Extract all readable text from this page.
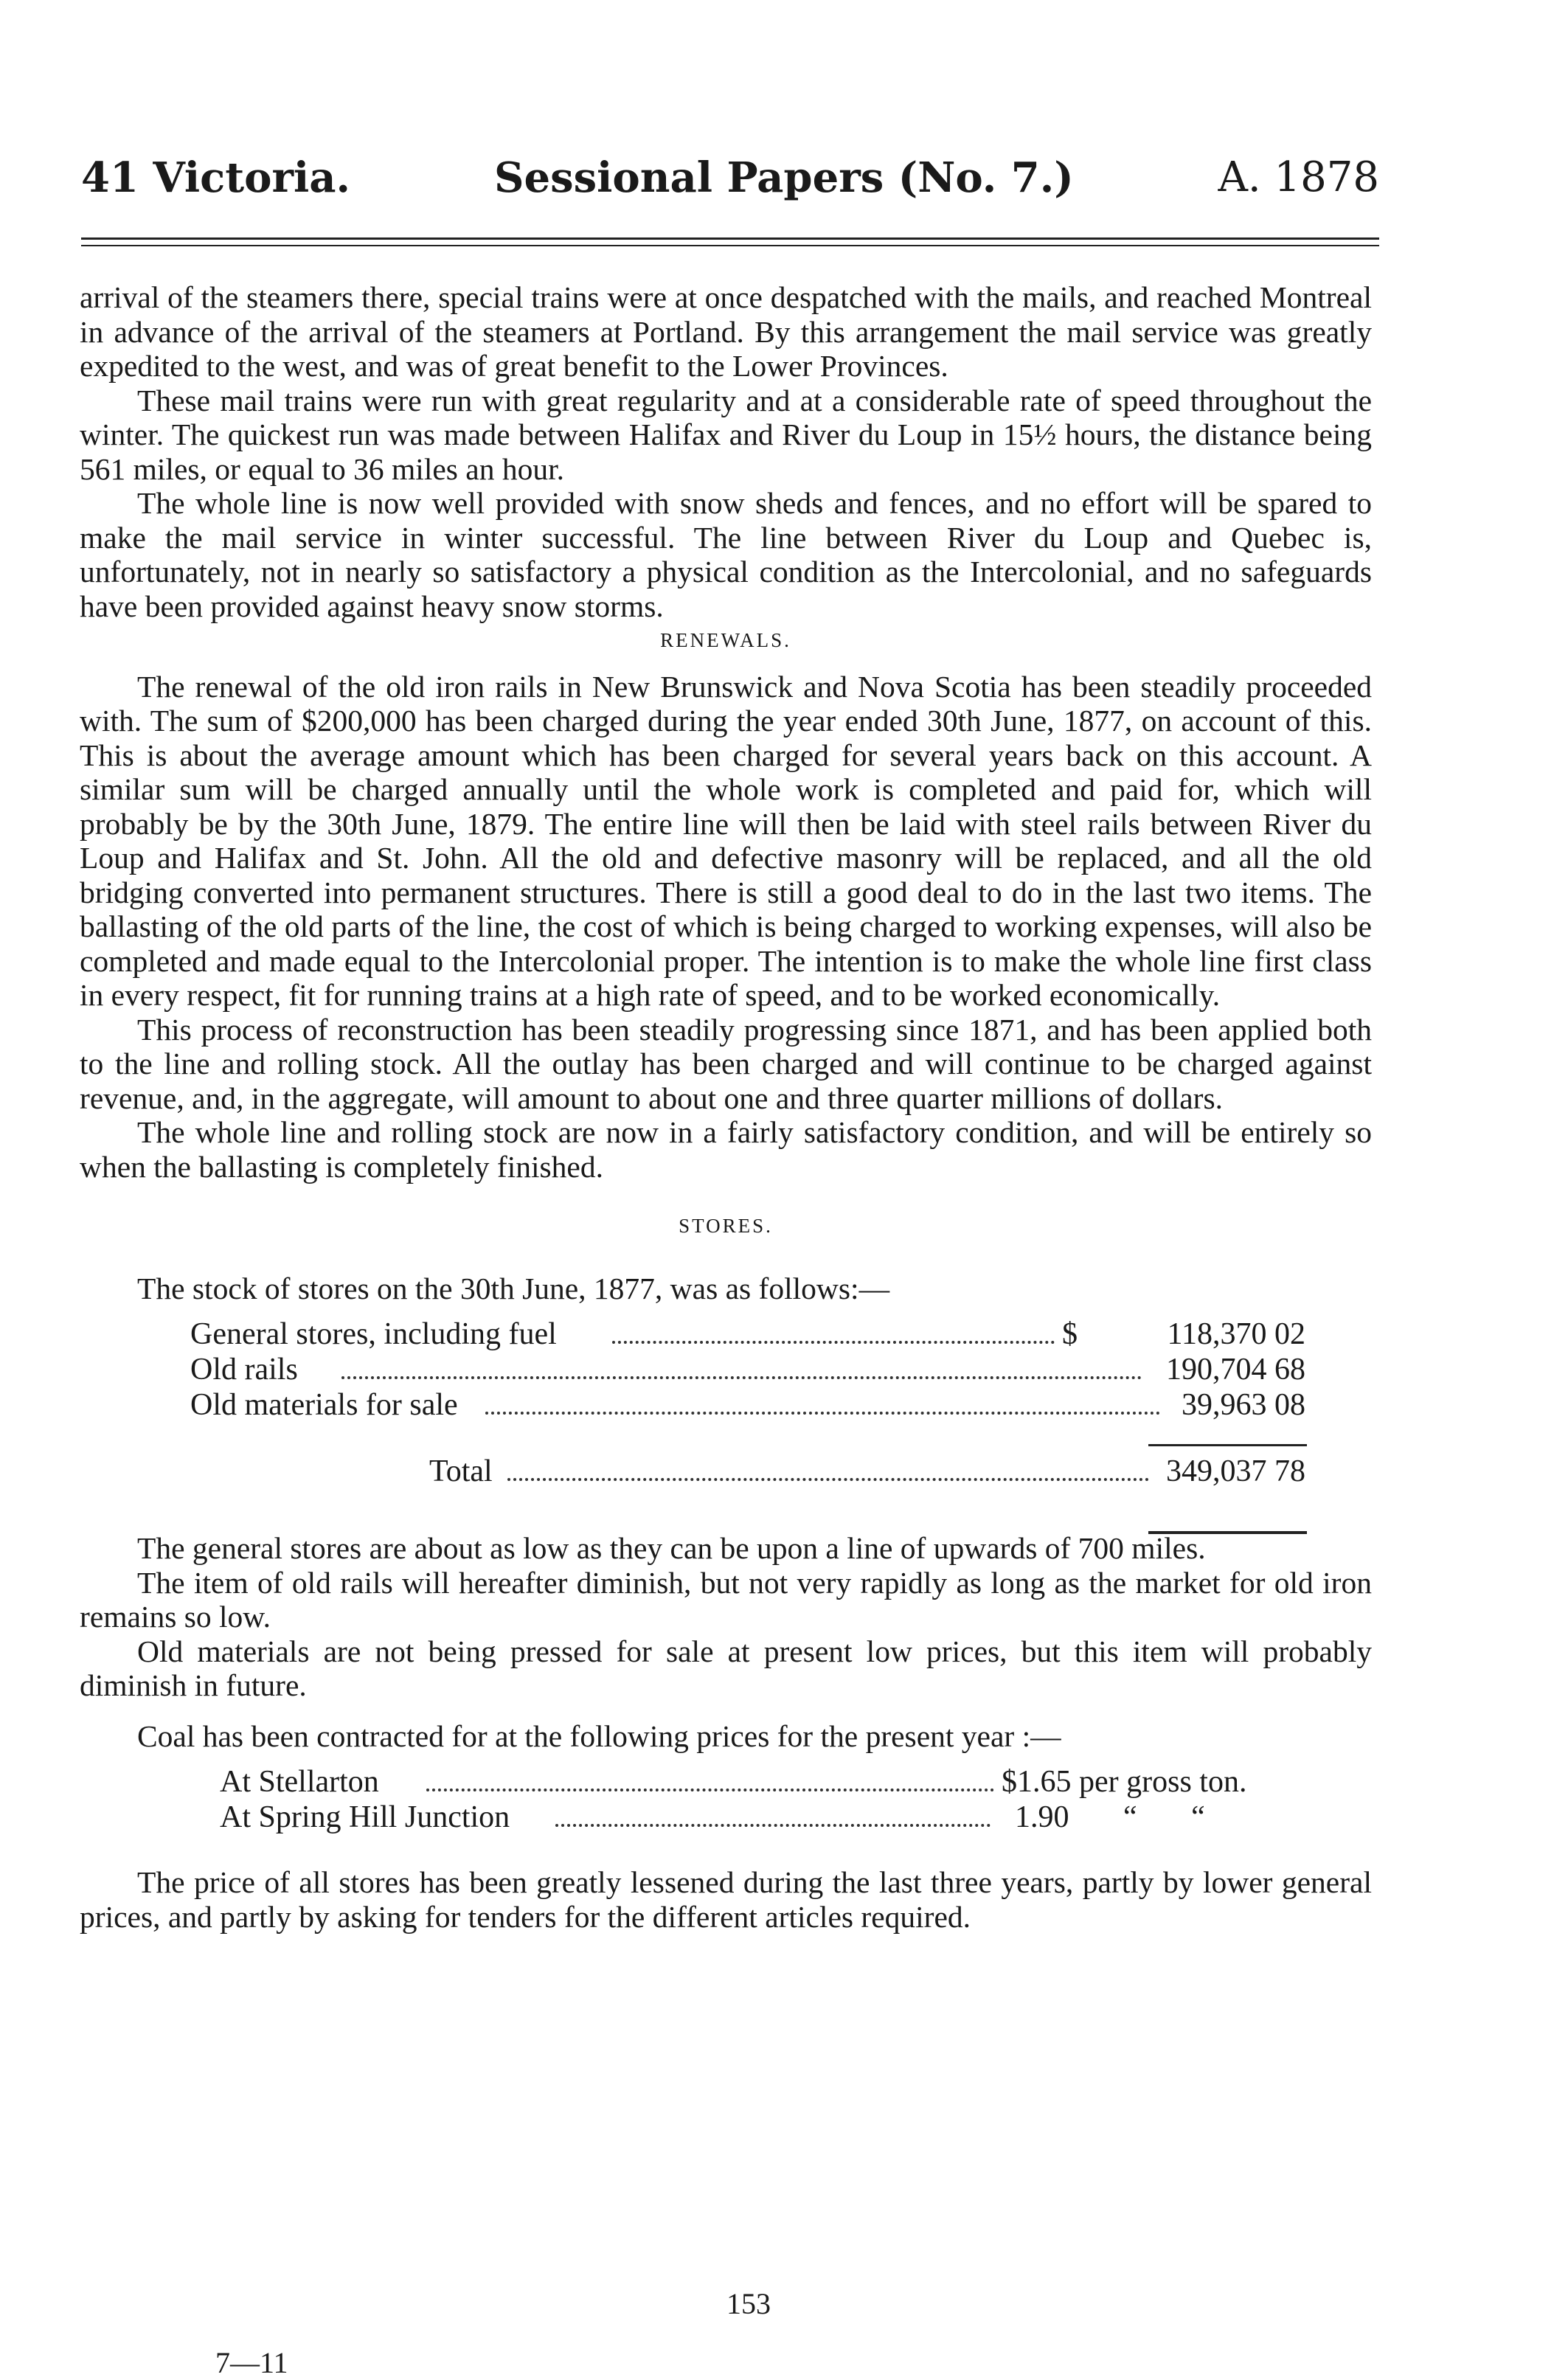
41 Victoria.	Sessional Papers (No. 7.)	A. 1878

arrival of the steamers there, special trains were at once despatched with the mails, and reached Montreal in advance of the arrival of the steamers at Portland. By this arrangement the mail service was greatly expedited to the west, and was of great benefit to the Lower Provinces.

These mail trains were run with great regularity and at a considerable rate of speed throughout the winter. The quickest run was made between Halifax and River du Loup in 15½ hours, the distance being 561 miles, or equal to 36 miles an hour.

The whole line is now well provided with snow sheds and fences, and no effort will be spared to make the mail service in winter successful. The line between River du Loup and Quebec is, unfortunately, not in nearly so satisfactory a physical condition as the Intercolonial, and no safeguards have been provided against heavy snow storms.

RENEWALS.

The renewal of the old iron rails in New Brunswick and Nova Scotia has been steadily proceeded with. The sum of $200,000 has been charged during the year ended 30th June, 1877, on account of this. This is about the average amount which has been charged for several years back on this account. A similar sum will be charged annually until the whole work is completed and paid for, which will probably be by the 30th June, 1879. The entire line will then be laid with steel rails between River du Loup and Halifax and St. John. All the old and defective masonry will be replaced, and all the old bridging converted into permanent structures. There is still a good deal to do in the last two items. The ballasting of the old parts of the line, the cost of which is being charged to working expenses, will also be completed and made equal to the Intercolonial proper. The intention is to make the whole line first class in every respect, fit for running trains at a high rate of speed, and to be worked economically.

This process of reconstruction has been steadily progressing since 1871, and has been applied both to the line and rolling stock. All the outlay has been charged and will continue to be charged against revenue, and, in the aggregate, will amount to about one and three quarter millions of dollars.

The whole line and rolling stock are now in a fairly satisfactory condition, and will be entirely so when the ballasting is completely finished.

STORES.

The stock of stores on the 30th June, 1877, was as follows:—

General stores, including fuel	$	118,370 02
Old rails	190,704 68
Old materials for sale	39,963 08
Total	349,037 78

The general stores are about as low as they can be upon a line of upwards of 700 miles.

The item of old rails will hereafter diminish, but not very rapidly as long as the market for old iron remains so low.

Old materials are not being pressed for sale at present low prices, but this item will probably diminish in future.

Coal has been contracted for at the following prices for the present year :—

At Stellarton	$1.65 per gross ton.
At Spring Hill Junction	1.90       “       “

The price of all stores has been greatly lessened during the last three years, partly by lower general prices, and partly by asking for tenders for the different articles required.

153
7—11
